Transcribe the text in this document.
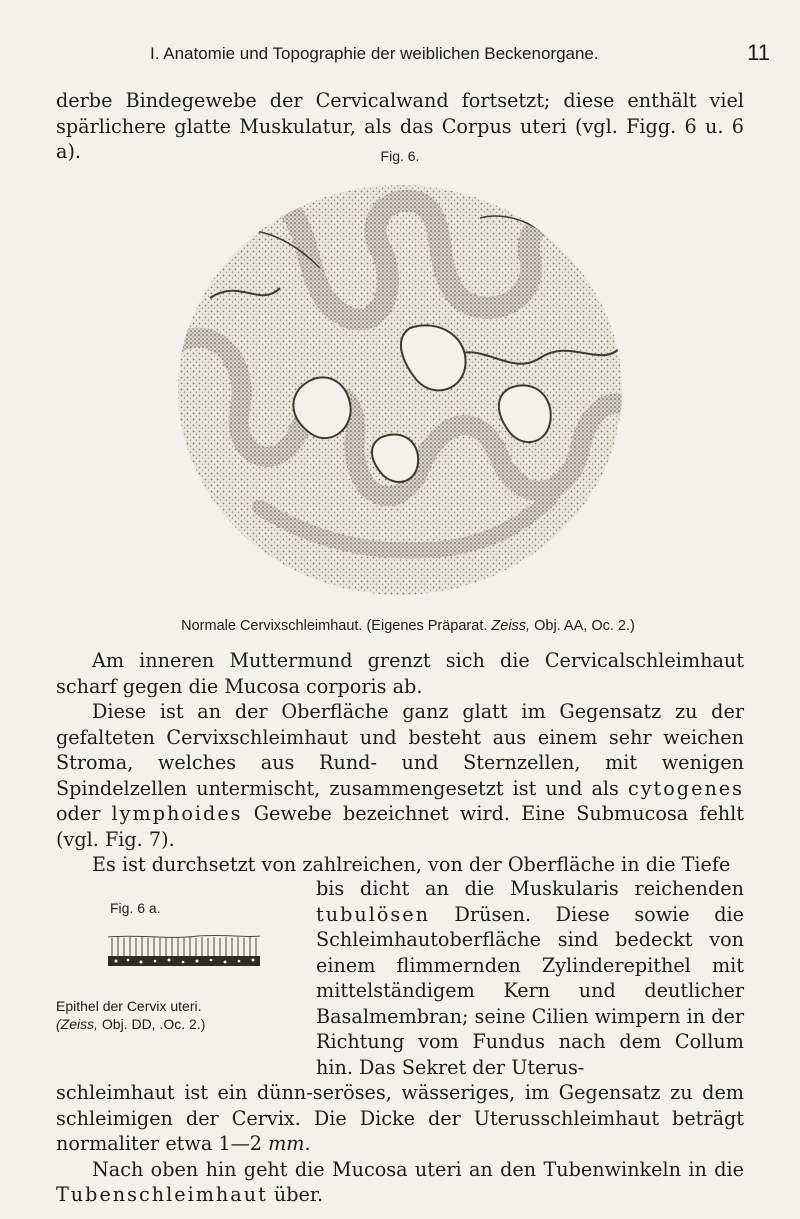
I. Anatomie und Topographie der weiblichen Beckenorgane.	11

derbe Bindegewebe der Cervicalwand fortsetzt; diese enthält viel spärlichere glatte Muskulatur, als das Corpus uteri (vgl. Figg. 6 u. 6 a).	Fig. 6.
Normale Cervixschleimhaut. (Eigenes Präparat. Zeiss, Obj. AA, Oc. 2.)

Am inneren Muttermund grenzt sich die Cervicalschleimhaut scharf gegen die Mucosa corporis ab.

Diese ist an der Oberfläche ganz glatt im Gegensatz zu der gefalteten Cervixschleimhaut und besteht aus einem sehr weichen Stroma, welches aus Rund- und Sternzellen, mit wenigen Spindelzellen untermischt, zusammengesetzt ist und als cytogenes oder lymphoides Gewebe bezeichnet wird. Eine Submucosa fehlt (vgl. Fig. 7).

Es ist durchsetzt von zahlreichen, von der Oberfläche in die Tiefe

bis dicht an die Muskularis reichenden tubulösen Drüsen. Diese sowie die Schleimhautoberfläche sind bedeckt von einem flimmernden Zylinderepithel mit mittelständigem Kern und deutlicher Basalmembran; seine Cilien wimpern in der Richtung vom Fundus nach dem Collum hin. Das Sekret der Uterus-
Fig. 6 a.
Epithel der Cervix uteri.
(Zeiss, Obj. DD, .Oc. 2.)

schleimhaut ist ein dünn-seröses, wässeriges, im Gegensatz zu dem schleimigen der Cervix. Die Dicke der Uterusschleimhaut beträgt normaliter etwa 1—2 mm.

Nach oben hin geht die Mucosa uteri an den Tubenwinkeln in die Tubenschleimhaut über.
